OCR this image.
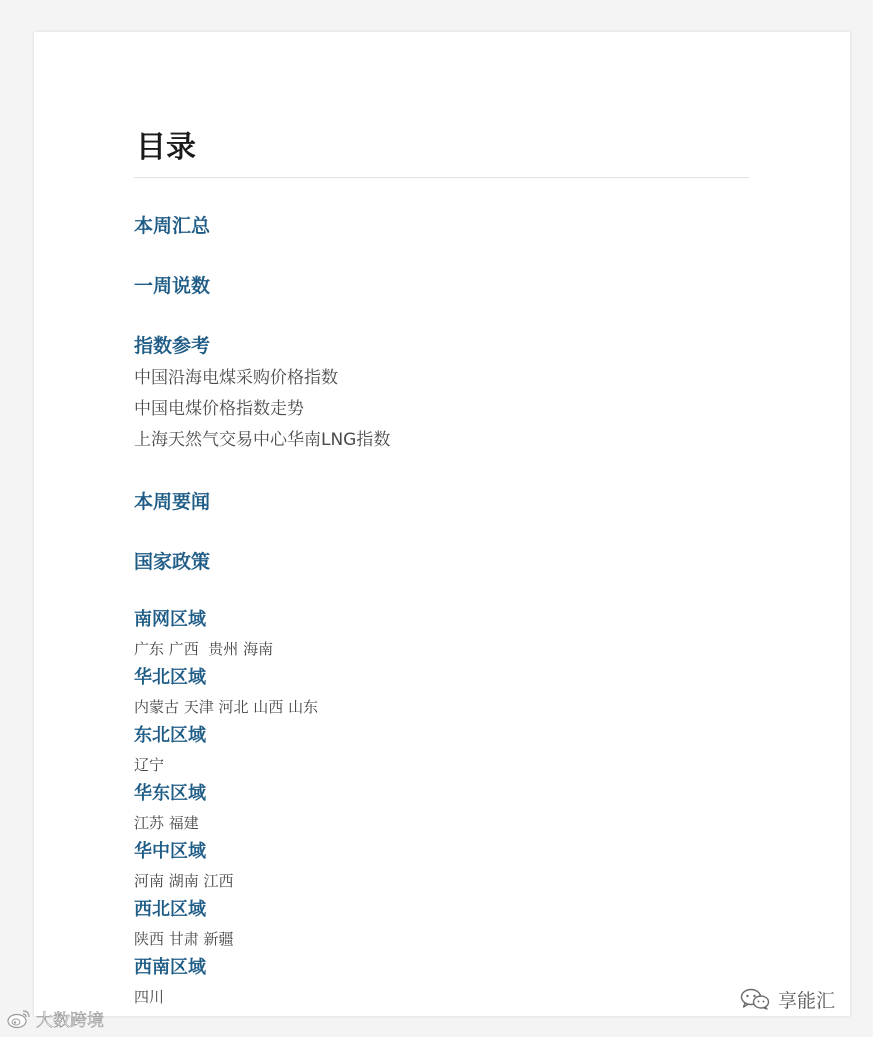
目录
本周汇总
一周说数
指数参考
中国沿海电煤采购价格指数
中国电煤价格指数走势
上海天然气交易中心华南LNG指数
本周要闻
国家政策
南网区域
广东 广西  贵州 海南
华北区域
内蒙古 天津 河北 山西 山东
东北区域
辽宁
华东区域
江苏 福建
华中区域
河南 湖南 江西
西北区域
陕西 甘肃 新疆
西南区域
四川	享能汇
大数跨境
